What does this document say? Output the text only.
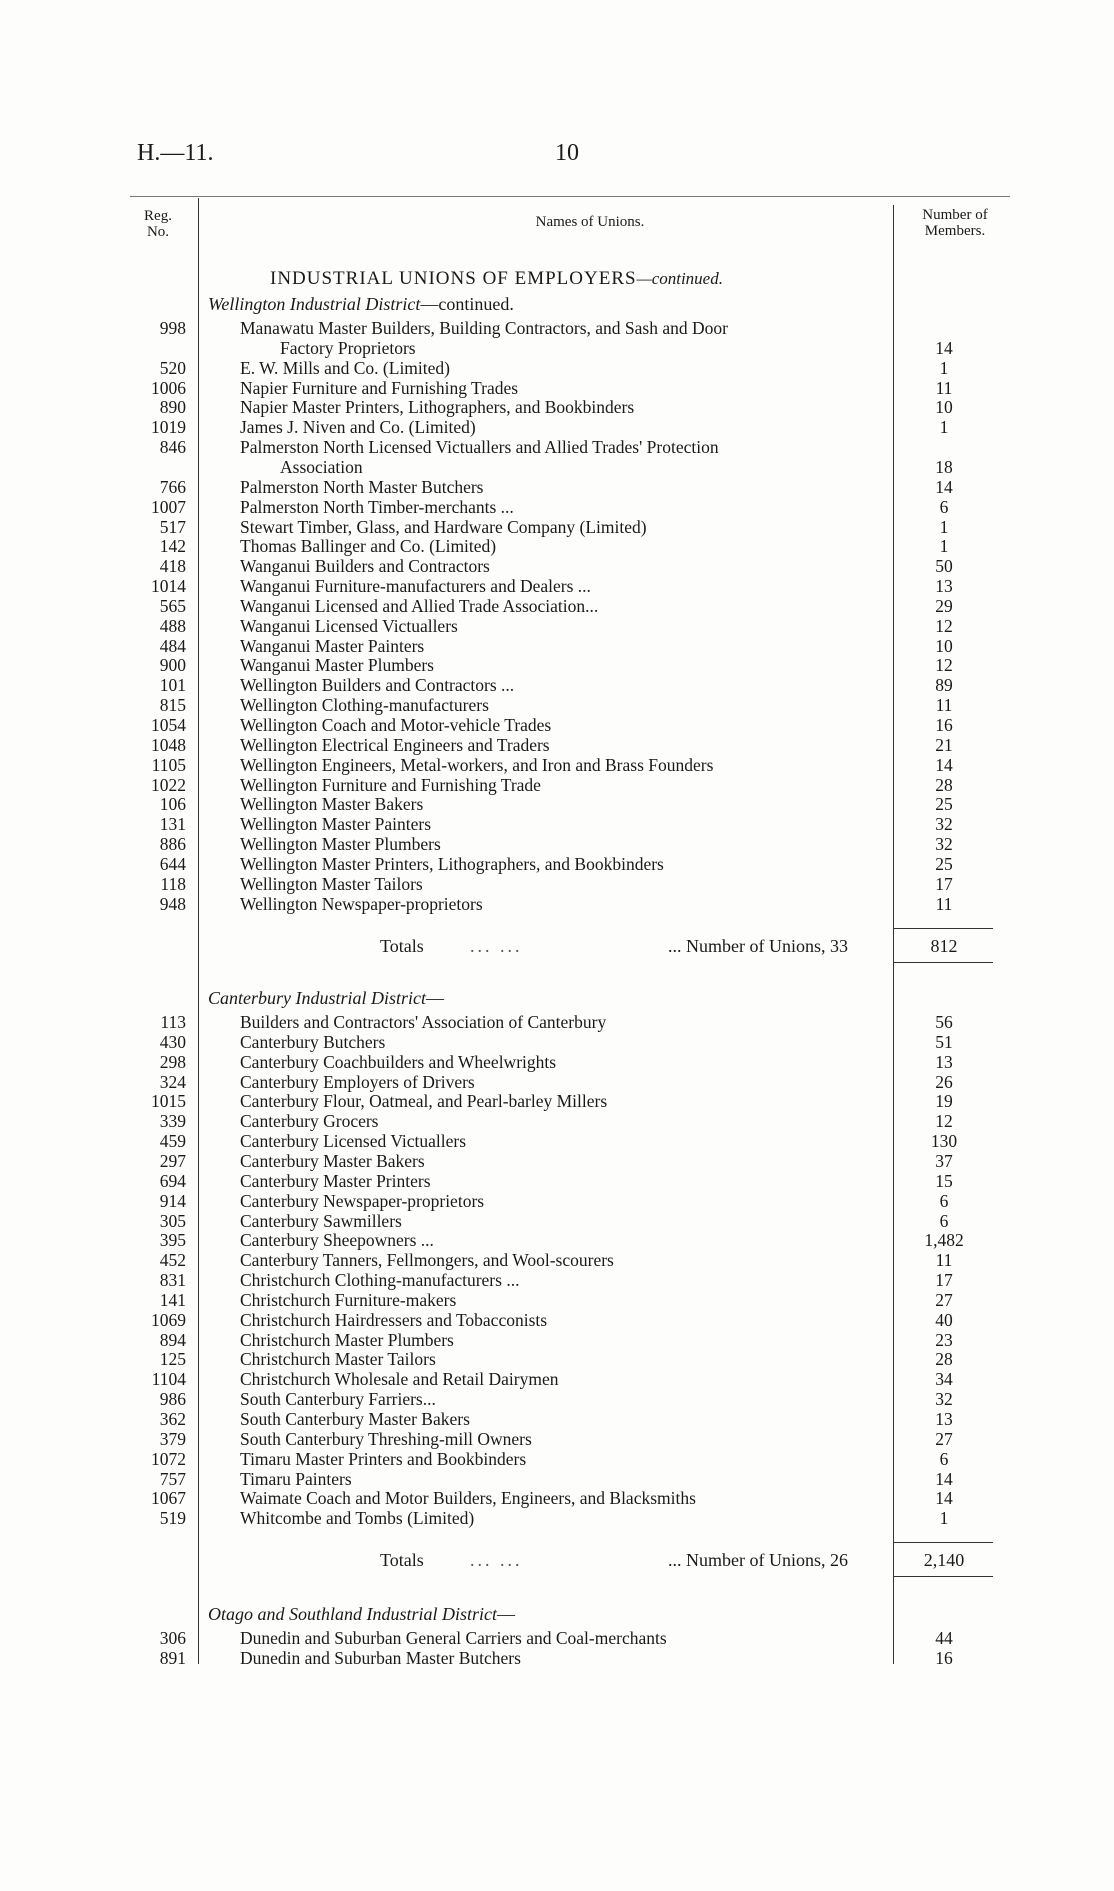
H.—11.	10
Reg.
No.
Names of Unions.	Number of
Members.
INDUSTRIAL UNIONS OF EMPLOYERS—continued.
Wellington Industrial District—continued.
998	Manawatu Master Builders, Building Contractors, and Sash and Door
Factory Proprietors	14
520	E. W. Mills and Co. (Limited)	1
1006	Napier Furniture and Furnishing Trades	11
890	Napier Master Printers, Lithographers, and Bookbinders	10
1019	James J. Niven and Co. (Limited)	1
846	Palmerston North Licensed Victuallers and Allied Trades' Protection
Association	18
766	Palmerston North Master Butchers	14
1007	Palmerston North Timber-merchants ...	6
517	Stewart Timber, Glass, and Hardware Company (Limited)	1
142	Thomas Ballinger and Co. (Limited)	1
418	Wanganui Builders and Contractors	50
1014	Wanganui Furniture-manufacturers and Dealers ...	13
565	Wanganui Licensed and Allied Trade Association...	29
488	Wanganui Licensed Victuallers	12
484	Wanganui Master Painters	10
900	Wanganui Master Plumbers	12
101	Wellington Builders and Contractors ...	89
815	Wellington Clothing-manufacturers	11
1054	Wellington Coach and Motor-vehicle Trades	16
1048	Wellington Electrical Engineers and Traders	21
1105	Wellington Engineers, Metal-workers, and Iron and Brass Founders	14
1022	Wellington Furniture and Furnishing Trade	28
106	Wellington Master Bakers	25
131	Wellington Master Painters	32
886	Wellington Master Plumbers	32
644	Wellington Master Printers, Lithographers, and Bookbinders	25
118	Wellington Master Tailors	17
948	Wellington Newspaper-proprietors	11
Totals	... ...	... Number of Unions, 33	812
Canterbury Industrial District—
113	Builders and Contractors' Association of Canterbury	56
430	Canterbury Butchers	51
298	Canterbury Coachbuilders and Wheelwrights	13
324	Canterbury Employers of Drivers	26
1015	Canterbury Flour, Oatmeal, and Pearl-barley Millers	19
339	Canterbury Grocers	12
459	Canterbury Licensed Victuallers	130
297	Canterbury Master Bakers	37
694	Canterbury Master Printers	15
914	Canterbury Newspaper-proprietors	6
305	Canterbury Sawmillers	6
395	Canterbury Sheepowners ...	1,482
452	Canterbury Tanners, Fellmongers, and Wool-scourers	11
831	Christchurch Clothing-manufacturers ...	17
141	Christchurch Furniture-makers	27
1069	Christchurch Hairdressers and Tobacconists	40
894	Christchurch Master Plumbers	23
125	Christchurch Master Tailors	28
1104	Christchurch Wholesale and Retail Dairymen	34
986	South Canterbury Farriers...	32
362	South Canterbury Master Bakers	13
379	South Canterbury Threshing-mill Owners	27
1072	Timaru Master Printers and Bookbinders	6
757	Timaru Painters	14
1067	Waimate Coach and Motor Builders, Engineers, and Blacksmiths	14
519	Whitcombe and Tombs (Limited)	1
Totals	... ...	... Number of Unions, 26	2,140
Otago and Southland Industrial District—
306	Dunedin and Suburban General Carriers and Coal-merchants	44
891	Dunedin and Suburban Master Butchers	16
